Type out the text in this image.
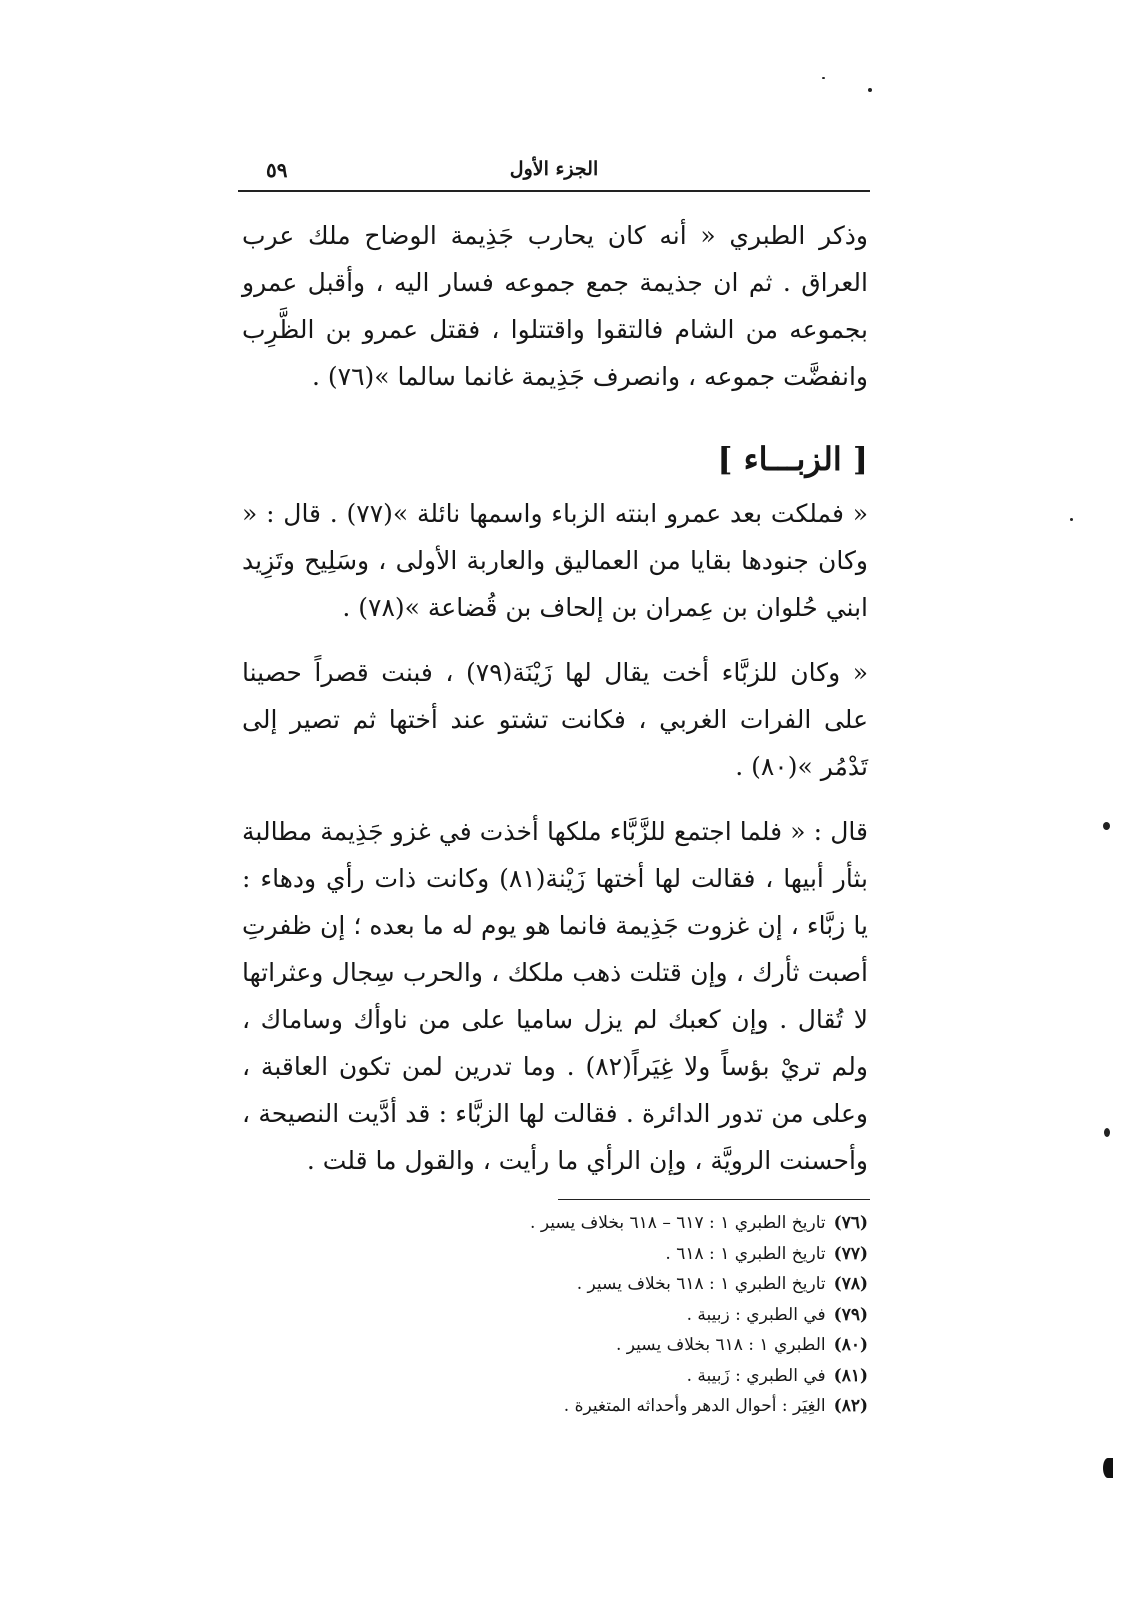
٥٩	الجزء الأول

وذكر الطبري « أنه كان يحارب جَذِيمة الوضاح ملك عرب العراق . ثم ان جذيمة جمع جموعه فسار اليه ، وأقبل عمرو بجموعه من الشام فالتقوا واقتتلوا ، فقتل عمرو بن الظَّرِب وانفضَّت جموعه ، وانصرف جَذِيمة غانما سالما »(٧٦) .

[ الزبـــاء ]

« فملكت بعد عمرو ابنته الزباء واسمها نائلة »(٧٧) . قال : « وكان جنودها بقايا من العماليق والعاربة الأولى ، وسَلِيح وتَزِيد ابني حُلوان بن عِمران بن إلحاف بن قُضاعة »(٧٨) .

« وكان للزبَّاء أخت يقال لها زَيْنَة(٧٩) ، فبنت قصراً حصينا على الفرات الغربي ، فكانت تشتو عند أختها ثم تصير إلى تَدْمُر »(٨٠) .

قال : « فلما اجتمع للزَّبَّاء ملكها أخذت في غزو جَذِيمة مطالبة بثأر أبيها ، فقالت لها أختها زَيْنة(٨١) وكانت ذات رأي ودهاء : يا زبَّاء ، إن غزوت جَذِيمة فانما هو يوم له ما بعده ؛ إن ظفرتِ أصبت ثأرك ، وإن قتلت ذهب ملكك ، والحرب سِجال وعثراتها لا تُقال . وإن كعبك لم يزل ساميا على من ناوأك وساماك ، ولم تريْ بؤساً ولا غِيَراً(٨٢) . وما تدرين لمن تكون العاقبة ، وعلى من تدور الدائرة . فقالت لها الزبَّاء : قد أدَّيت النصيحة ، وأحسنت الرويَّة ، وإن الرأي ما رأيت ، والقول ما قلت .

(٧٦)تاريخ الطبري ١ : ٦١٧ – ٦١٨ بخلاف يسير .
(٧٧)تاريخ الطبري ١ : ٦١٨ .
(٧٨)تاريخ الطبري ١ : ٦١٨ بخلاف يسير .
(٧٩)في الطبري : زبيبة .
(٨٠)الطبري ١ : ٦١٨ بخلاف يسير .
(٨١)في الطبري : زَبيبة .
(٨٢)الغِيَر : أحوال الدهر وأحداثه المتغيرة .
